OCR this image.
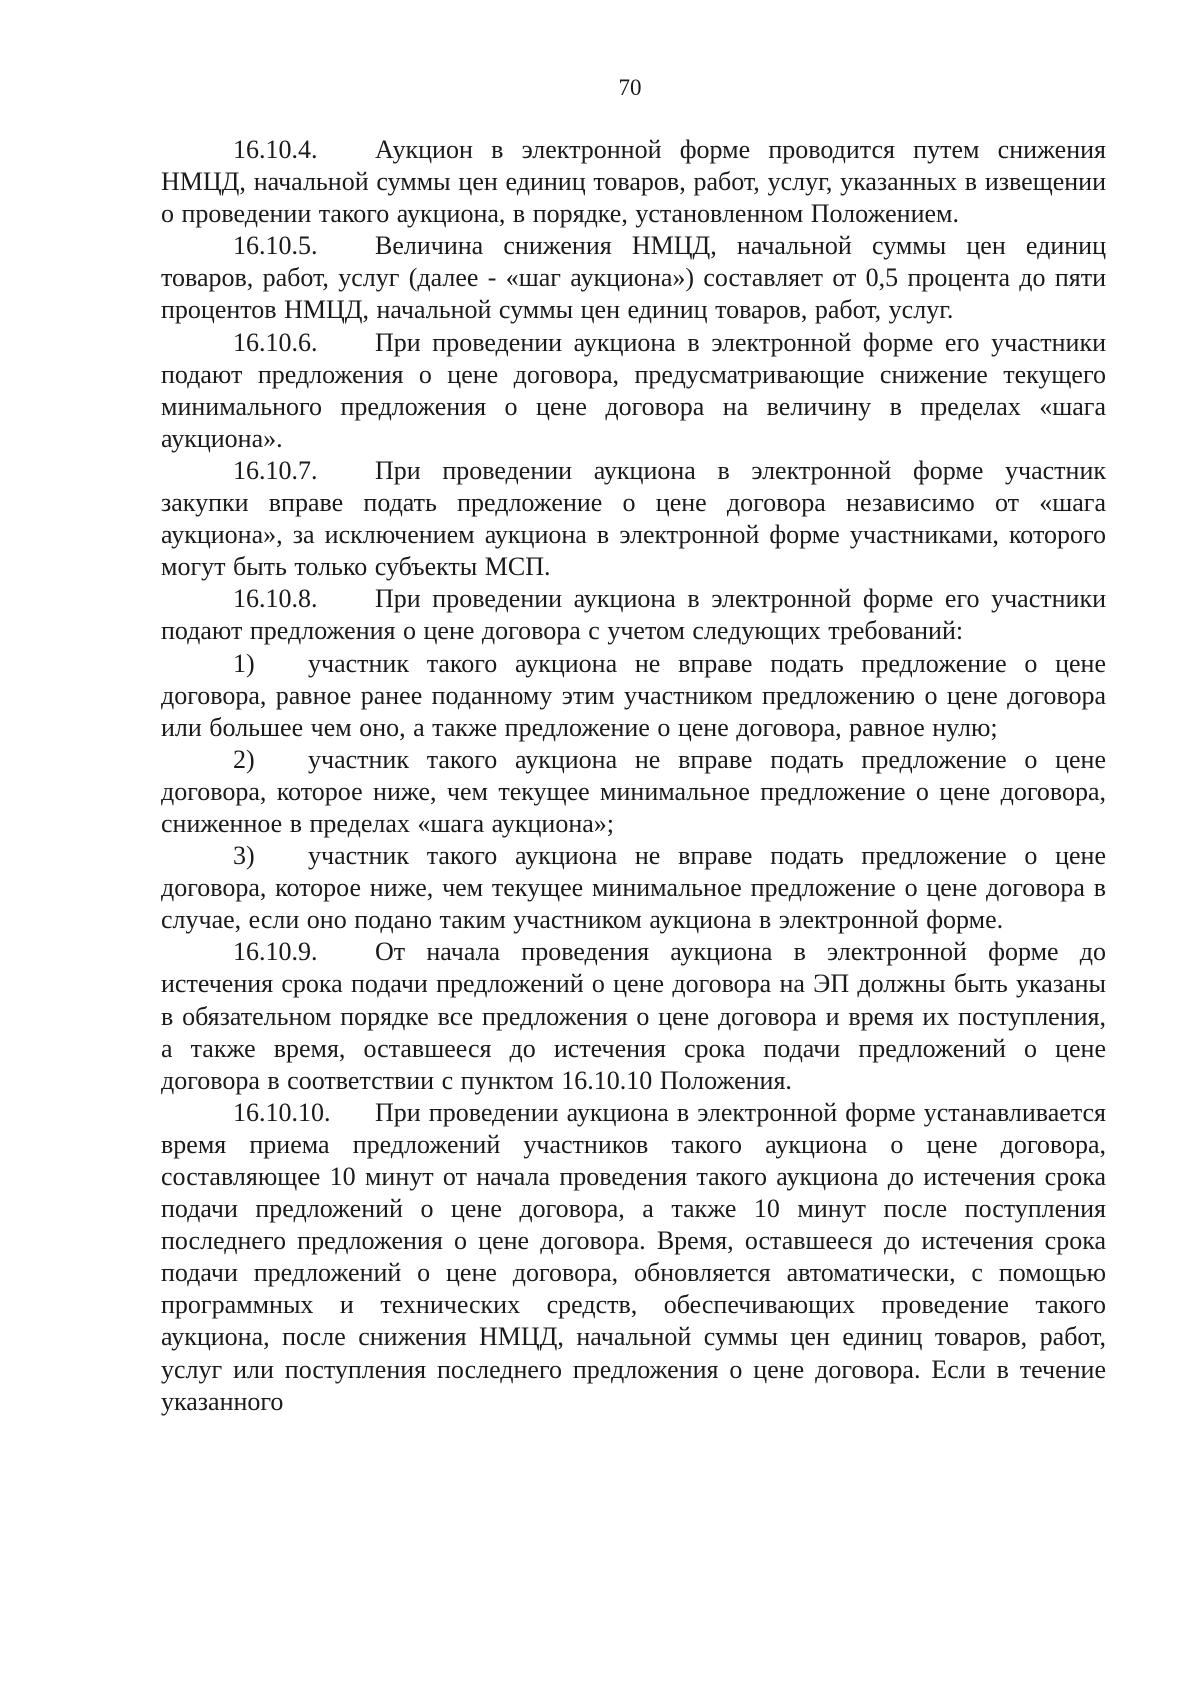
70

16.10.4. Аукцион в электронной форме проводится путем снижения НМЦД, начальной суммы цен единиц товаров, работ, услуг, указанных в извещении о проведении такого аукциона, в порядке, установленном Положением.

16.10.5. Величина снижения НМЦД, начальной суммы цен единиц товаров, работ, услуг (далее - «шаг аукциона») составляет от 0,5 процента до пяти процентов НМЦД, начальной суммы цен единиц товаров, работ, услуг.

16.10.6. При проведении аукциона в электронной форме его участники подают предложения о цене договора, предусматривающие снижение текущего минимального предложения о цене договора на величину в пределах «шага аукциона».

16.10.7. При проведении аукциона в электронной форме участник закупки вправе подать предложение о цене договора независимо от «шага аукциона», за исключением аукциона в электронной форме участниками, которого могут быть только субъекты МСП.

16.10.8. При проведении аукциона в электронной форме его участники подают предложения о цене договора с учетом следующих требований:

1) участник такого аукциона не вправе подать предложение о цене договора, равное ранее поданному этим участником предложению о цене договора или большее чем оно, а также предложение о цене договора, равное нулю;

2) участник такого аукциона не вправе подать предложение о цене договора, которое ниже, чем текущее минимальное предложение о цене договора, сниженное в пределах «шага аукциона»;

3) участник такого аукциона не вправе подать предложение о цене договора, которое ниже, чем текущее минимальное предложение о цене договора в случае, если оно подано таким участником аукциона в электронной форме.

16.10.9. От начала проведения аукциона в электронной форме до истечения срока подачи предложений о цене договора на ЭП должны быть указаны в обязательном порядке все предложения о цене договора и время их поступления, а также время, оставшееся до истечения срока подачи предложений о цене договора в соответствии с пунктом 16.10.10 Положения.

16.10.10. При проведении аукциона в электронной форме устанавливается время приема предложений участников такого аукциона о цене договора, составляющее 10 минут от начала проведения такого аукциона до истечения срока подачи предложений о цене договора, а также 10 минут после поступления последнего предложения о цене договора. Время, оставшееся до истечения срока подачи предложений о цене договора, обновляется автоматически, с помощью программных и технических средств, обеспечивающих проведение такого аукциона, после снижения НМЦД, начальной суммы цен единиц товаров, работ, услуг или поступления последнего предложения о цене договора. Если в течение указанного
